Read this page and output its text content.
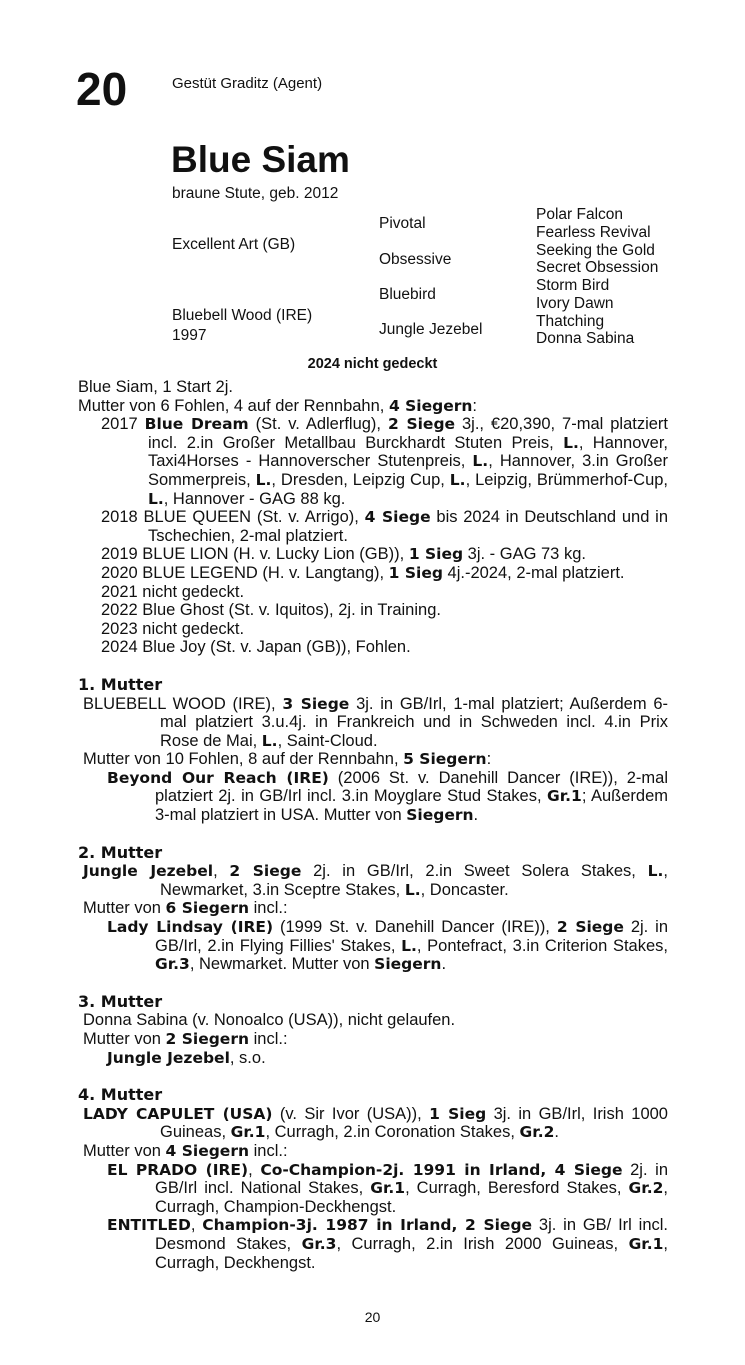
20	Gestüt Graditz (Agent)
Blue Siam
braune Stute, geb. 2012
Excellent Art (GB)
Bluebell Wood (IRE)
1997
Pivotal
Obsessive
Bluebird
Jungle Jezebel
Polar Falcon
Fearless Revival
Seeking the Gold
Secret Obsession
Storm Bird
Ivory Dawn
Thatching
Donna Sabina
2024 nicht gedeckt

Blue Siam, 1 Start 2j.

Mutter von 6 Fohlen, 4 auf der Rennbahn, 4 Siegern:

2017 Blue Dream (St. v. Adlerflug), 2 Siege 3j., €20,390, 7-mal platziert incl. 2.in Großer Metallbau Burckhardt Stuten Preis, L., Hannover, Taxi4Horses - Hannoverscher Stutenpreis, L., Hannover, 3.in Großer Sommerpreis, L., Dresden, Leipzig Cup, L., Leipzig, Brümmerhof-Cup, L., Hannover - GAG 88 kg.

2018 BLUE QUEEN (St. v. Arrigo), 4 Siege bis 2024 in Deutschland und in Tschechien, 2-mal platziert.

2019 BLUE LION (H. v. Lucky Lion (GB)), 1 Sieg 3j. - GAG 73 kg.

2020 BLUE LEGEND (H. v. Langtang), 1 Sieg 4j.-2024, 2-mal platziert.

2021 nicht gedeckt.

2022 Blue Ghost (St. v. Iquitos), 2j. in Training.

2023 nicht gedeckt.

2024 Blue Joy (St. v. Japan (GB)), Fohlen.

1. Mutter

BLUEBELL WOOD (IRE), 3 Siege 3j. in GB/Irl, 1-mal platziert; Außerdem 6-mal platziert 3.u.4j. in Frankreich und in Schweden incl. 4.in Prix Rose de Mai, L., Saint-Cloud.

Mutter von 10 Fohlen, 8 auf der Rennbahn, 5 Siegern:

Beyond Our Reach (IRE) (2006 St. v. Danehill Dancer (IRE)), 2-mal platziert 2j. in GB/Irl incl. 3.in Moyglare Stud Stakes, Gr.1; Außerdem 3-mal platziert in USA. Mutter von Siegern.

2. Mutter

Jungle Jezebel, 2 Siege 2j. in GB/Irl, 2.in Sweet Solera Stakes, L., Newmarket, 3.in Sceptre Stakes, L., Doncaster.

Mutter von 6 Siegern incl.:

Lady Lindsay (IRE) (1999 St. v. Danehill Dancer (IRE)), 2 Siege 2j. in GB/Irl, 2.in Flying Fillies' Stakes, L., Pontefract, 3.in Criterion Stakes, Gr.3, Newmarket. Mutter von Siegern.

3. Mutter

Donna Sabina (v. Nonoalco (USA)), nicht gelaufen.

Mutter von 2 Siegern incl.:

Jungle Jezebel, s.o.

4. Mutter

LADY CAPULET (USA) (v. Sir Ivor (USA)), 1 Sieg 3j. in GB/Irl, Irish 1000 Guineas, Gr.1, Curragh, 2.in Coronation Stakes, Gr.2.

Mutter von 4 Siegern incl.:

EL PRADO (IRE), Co-Champion-2j. 1991 in Irland, 4 Siege 2j. in GB/Irl incl. National Stakes, Gr.1, Curragh, Beresford Stakes, Gr.2, Curragh, Champion-Deckhengst.

ENTITLED, Champion-3j. 1987 in Irland, 2 Siege 3j. in GB/ Irl incl. Desmond Stakes, Gr.3, Curragh, 2.in Irish 2000 Guineas, Gr.1, Curragh, Deckhengst.

20
